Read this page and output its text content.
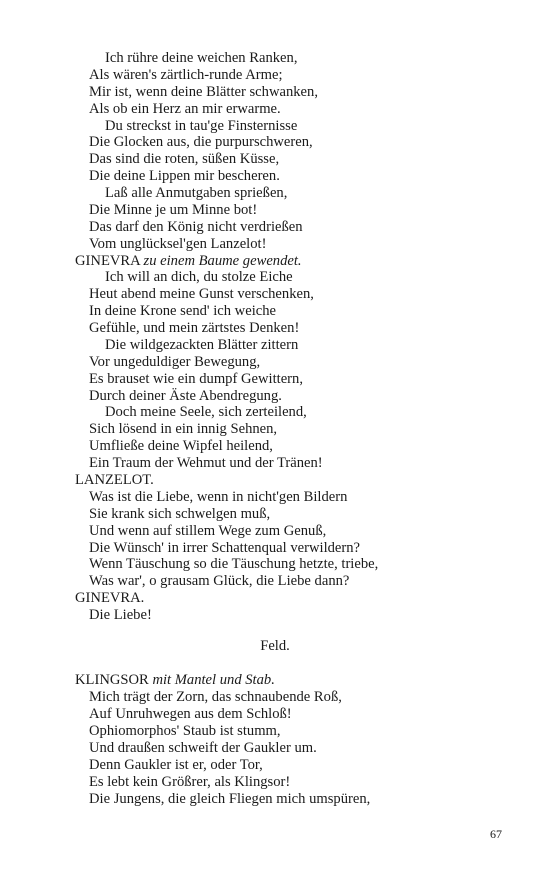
Ich rühre deine weichen Ranken,
Als wären's zärtlich-runde Arme;
Mir ist, wenn deine Blätter schwanken,
Als ob ein Herz an mir erwarme.
Du streckst in tau'ge Finsternisse
Die Glocken aus, die purpurschweren,
Das sind die roten, süßen Küsse,
Die deine Lippen mir bescheren.
Laß alle Anmutgaben sprießen,
Die Minne je um Minne bot!
Das darf den König nicht verdrießen
Vom unglücksel'gen Lanzelot!
GINEVRA zu einem Baume gewendet.
Ich will an dich, du stolze Eiche
Heut abend meine Gunst verschenken,
In deine Krone send' ich weiche
Gefühle, und mein zärtstes Denken!
Die wildgezackten Blätter zittern
Vor ungeduldiger Bewegung,
Es brauset wie ein dumpf Gewittern,
Durch deiner Äste Abendregung.
Doch meine Seele, sich zerteilend,
Sich lösend in ein innig Sehnen,
Umfließe deine Wipfel heilend,
Ein Traum der Wehmut und der Tränen!
LANZELOT.
Was ist die Liebe, wenn in nicht'gen Bildern
Sie krank sich schwelgen muß,
Und wenn auf stillem Wege zum Genuß,
Die Wünsch' in irrer Schattenqual verwildern?
Wenn Täuschung so die Täuschung hetzte, triebe,
Was war', o grausam Glück, die Liebe dann?
GINEVRA.
Die Liebe!
Feld.
KLINGSOR mit Mantel und Stab.
Mich trägt der Zorn, das schnaubende Roß,
Auf Unruhwegen aus dem Schloß!
Ophiomorphos' Staub ist stumm,
Und draußen schweift der Gaukler um.
Denn Gaukler ist er, oder Tor,
Es lebt kein Größrer, als Klingsor!
Die Jungens, die gleich Fliegen mich umspüren,
67
